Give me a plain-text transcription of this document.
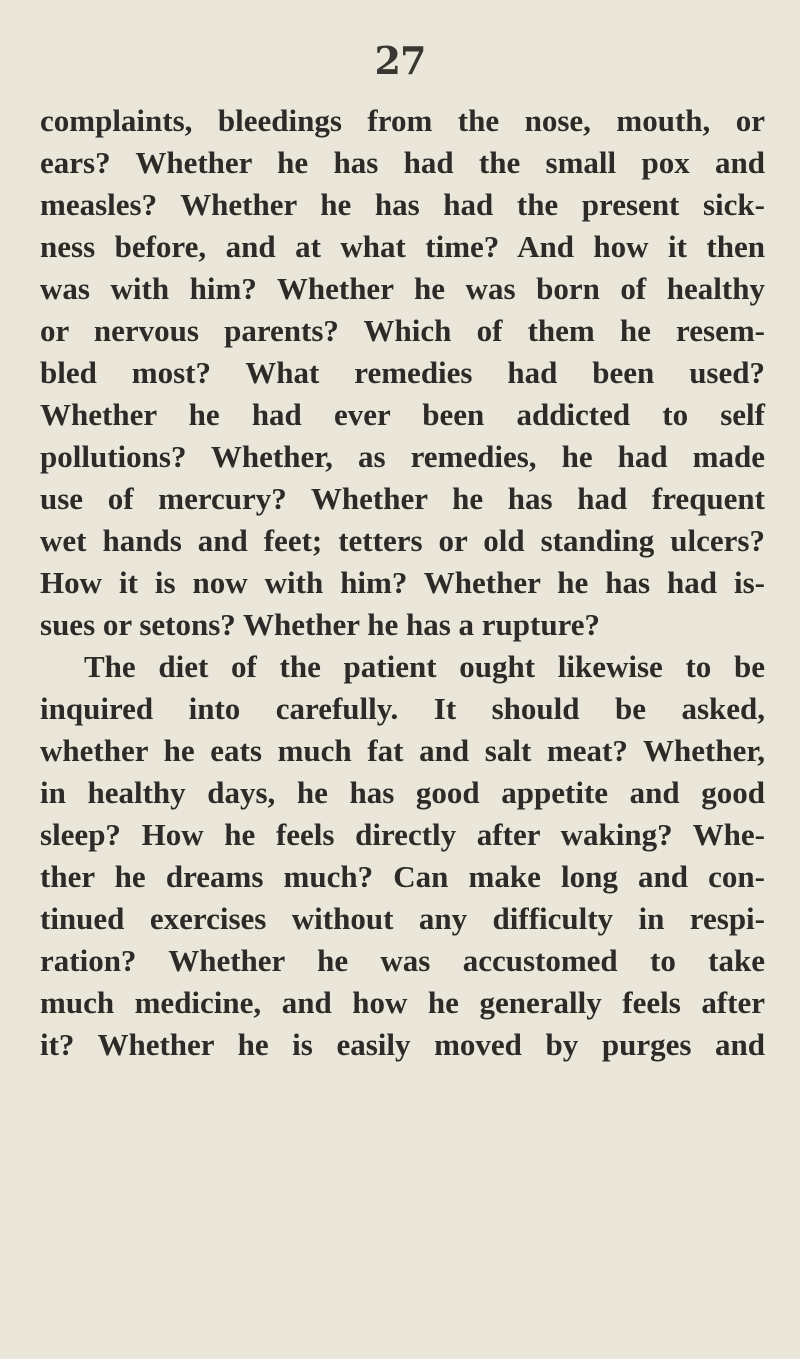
27
complaints, bleedings from the nose, mouth, or
ears? Whether he has had the small pox and
measles? Whether he has had the present sick-
ness before, and at what time? And how it then
was with him? Whether he was born of healthy
or nervous parents? Which of them he resem-
bled most? What remedies had been used?
Whether he had ever been addicted to self
pollutions? Whether, as remedies, he had made
use of mercury? Whether he has had frequent
wet hands and feet; tetters or old standing ulcers?
How it is now with him? Whether he has had is-
sues or setons? Whether he has a rupture?
The diet of the patient ought likewise to be
inquired into carefully. It should be asked,
whether he eats much fat and salt meat? Whether,
in healthy days, he has good appetite and good
sleep? How he feels directly after waking? Whe-
ther he dreams much? Can make long and con-
tinued exercises without any difficulty in respi-
ration? Whether he was accustomed to take
much medicine, and how he generally feels after
it? Whether he is easily moved by purges and
